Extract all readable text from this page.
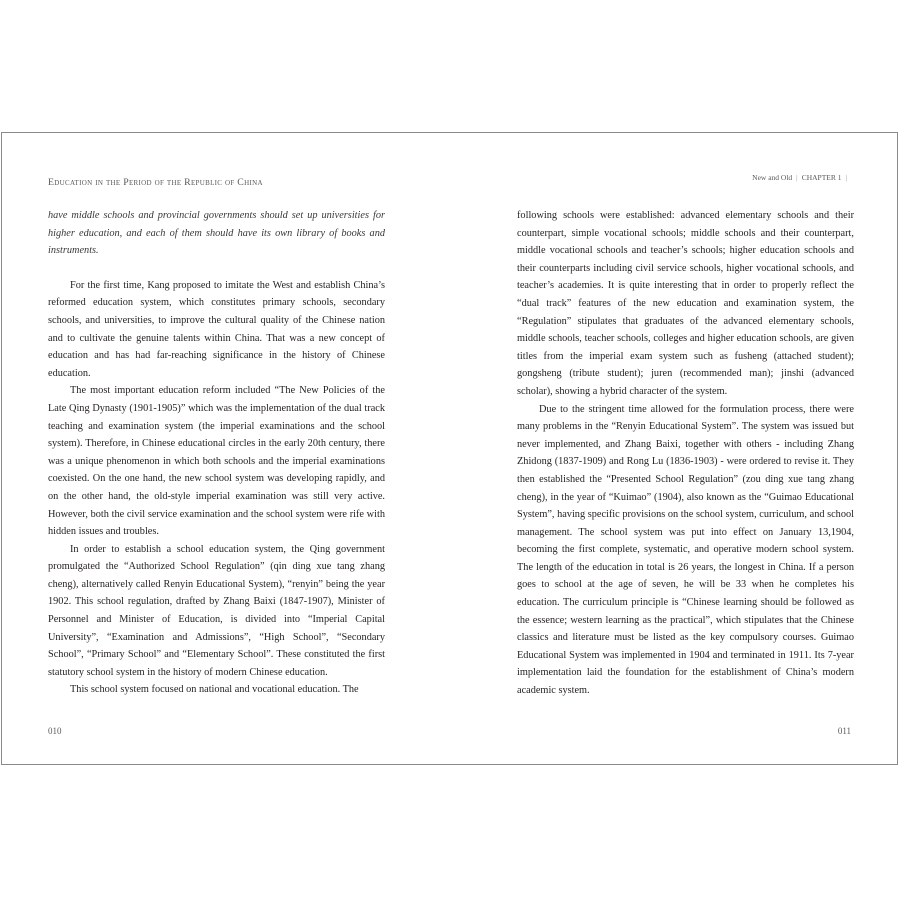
Education in the Period of the Republic of China	New and Old | CHAPTER 1 |

have middle schools and provincial governments should set up universities for higher education, and each of them should have its own library of books and instruments.

For the first time, Kang proposed to imitate the West and establish China’s reformed education system, which constitutes primary schools, secondary schools, and universities, to improve the cultural quality of the Chinese nation and to cultivate the genuine talents within China. That was a new concept of education and has had far-reaching significance in the history of Chinese education.

The most important education reform included “The New Policies of the Late Qing Dynasty (1901-1905)” which was the implementation of the dual track teaching and examination system (the imperial examinations and the school system). Therefore, in Chinese educational circles in the early 20th century, there was a unique phenomenon in which both schools and the imperial examinations coexisted. On the one hand, the new school system was developing rapidly, and on the other hand, the old-style imperial examination was still very active. However, both the civil service examination and the school system were rife with hidden issues and troubles.

In order to establish a school education system, the Qing government promulgated the “Authorized School Regulation” (qin ding xue tang zhang cheng), alternatively called Renyin Educational System), “renyin” being the year 1902. This school regulation, drafted by Zhang Baixi (1847-1907), Minister of Personnel and Minister of Education, is divided into “Imperial Capital University”, “Examination and Admissions”, “High School”, “Secondary School”, “Primary School” and “Elementary School”. These constituted the first statutory school system in the history of modern Chinese education.

This school system focused on national and vocational education. The

following schools were established: advanced elementary schools and their counterpart, simple vocational schools; middle schools and their counterpart, middle vocational schools and teacher’s schools; higher education schools and their counterparts including civil service schools, higher vocational schools, and teacher’s academies. It is quite interesting that in order to properly reflect the “dual track” features of the new education and examination system, the “Regulation” stipulates that graduates of the advanced elementary schools, middle schools, teacher schools, colleges and higher education schools, are given titles from the imperial exam system such as fusheng (attached student); gongsheng (tribute student); juren (recommended man); jinshi (advanced scholar), showing a hybrid character of the system.

Due to the stringent time allowed for the formulation process, there were many problems in the “Renyin Educational System”. The system was issued but never implemented, and Zhang Baixi, together with others - including Zhang Zhidong (1837-1909) and Rong Lu (1836-1903) - were ordered to revise it. They then established the “Presented School Regulation” (zou ding xue tang zhang cheng), in the year of “Kuimao” (1904), also known as the “Guimao Educational System”, having specific provisions on the school system, curriculum, and school management. The school system was put into effect on January 13,1904, becoming the first complete, systematic, and operative modern school system. The length of the education in total is 26 years, the longest in China. If a person goes to school at the age of seven, he will be 33 when he completes his education. The curriculum principle is “Chinese learning should be followed as the essence; western learning as the practical”, which stipulates that the Chinese classics and literature must be listed as the key compulsory courses. Guimao Educational System was implemented in 1904 and terminated in 1911. Its 7-year implementation laid the foundation for the establishment of China’s modern academic system.

010	011
